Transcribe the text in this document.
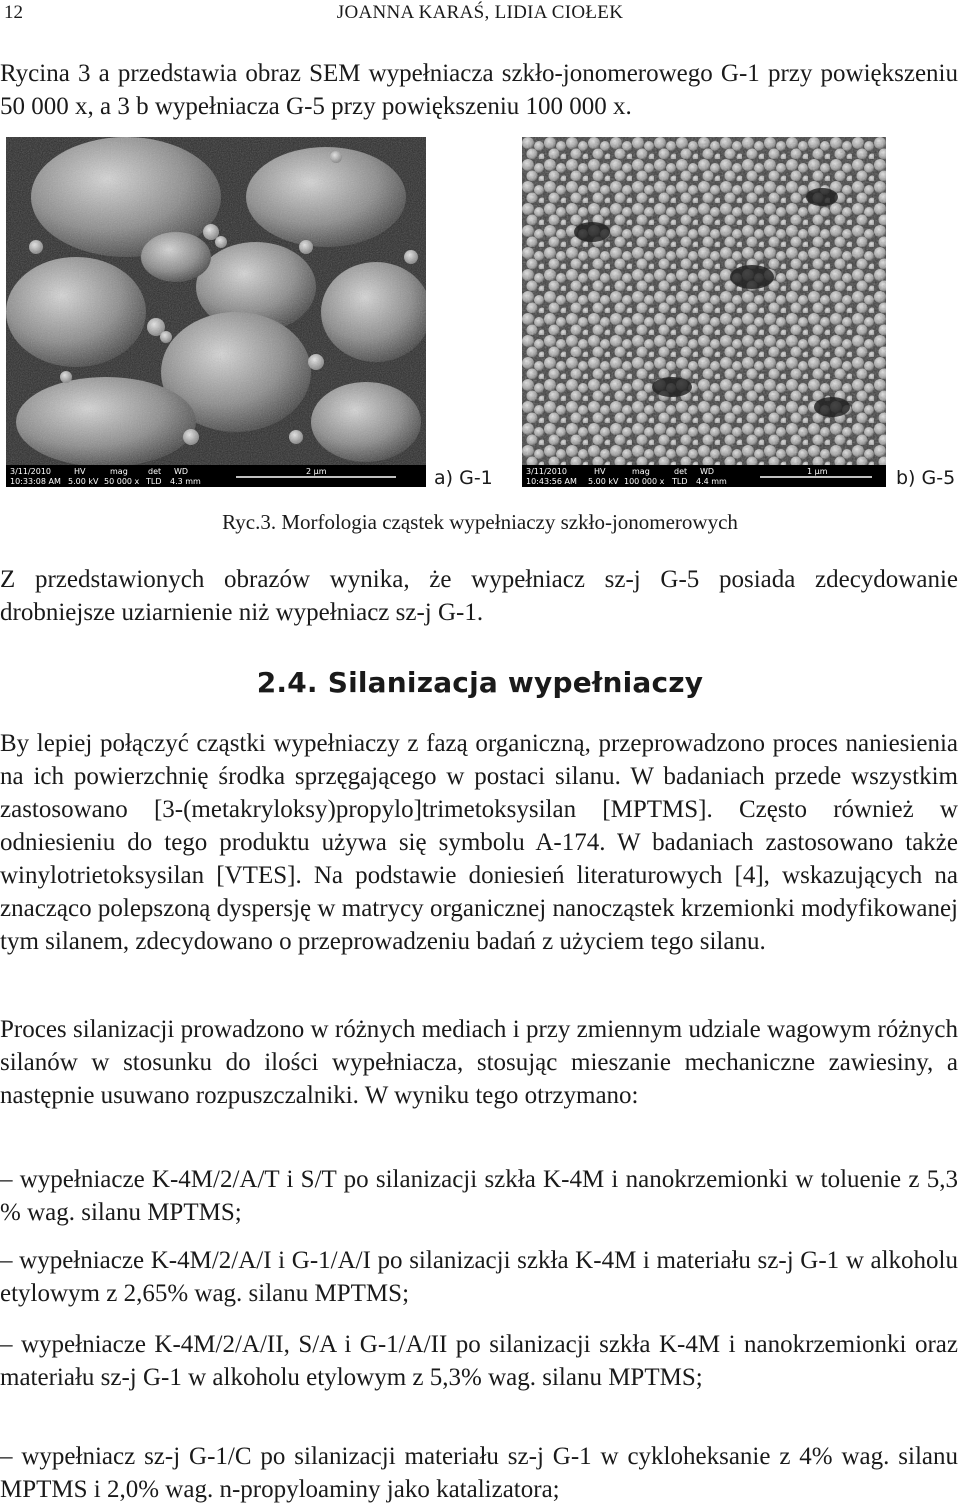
12	JOANNA KARAŚ, LIDIA CIOŁEK

Rycina 3 a przedstawia obraz SEM wypełniacza szkło-jonomerowego G-1 przy powiększeniu 50 000 x, a 3 b wypełniacza G-5 przy powiększeniu 100 000 x.

3/11/2010
10:33:08 AM
HV
5.00 kV
mag
50 000 x
det
TLD
WD
4.3 mm
2 µm	a) G-1	3/11/2010
10:43:56 AM
HV
5.00 kV
mag
100 000 x
det
TLD
WD
4.4 mm
1 µm	b) G-5
Ryc.3. Morfologia cząstek wypełniaczy szkło-jonomerowych

Z przedstawionych obrazów wynika, że wypełniacz sz-j G-5 posiada zdecydowanie drobniejsze uziarnienie niż wypełniacz sz-j G-1.

2.4. Silanizacja wypełniaczy

By lepiej połączyć cząstki wypełniaczy z fazą organiczną, przeprowadzono proces naniesienia na ich powierzchnię środka sprzęgającego w postaci silanu. W badaniach przede wszystkim zastosowano [3-(metakryloksy)propylo]trimetoksysilan [MPTMS]. Często również w odniesieniu do tego produktu używa się symbolu A-174. W badaniach zastosowano także winylotrietoksysilan [VTES]. Na podstawie doniesień literaturowych [4], wskazujących na znacząco polepszoną dyspersję w matrycy organicznej nanocząstek krzemionki modyfikowanej tym silanem, zdecydowano o przeprowadzeniu badań z użyciem tego silanu.

Proces silanizacji prowadzono w różnych mediach i przy zmiennym udziale wagowym różnych silanów w stosunku do ilości wypełniacza, stosując mieszanie mechaniczne zawiesiny, a następnie usuwano rozpuszczalniki. W wyniku tego otrzymano:

– wypełniacze K-4M/2/A/T i S/T po silanizacji szkła K-4M i nanokrzemionki w toluenie z 5,3 % wag. silanu MPTMS;

– wypełniacze K-4M/2/A/I i G-1/A/I po silanizacji szkła K-4M i materiału sz-j G-1 w alkoholu etylowym z 2,65% wag. silanu MPTMS;

– wypełniacze K-4M/2/A/II, S/A i G-1/A/II po silanizacji szkła K-4M i nanokrzemionki oraz materiału sz-j G-1 w alkoholu etylowym z 5,3% wag. silanu MPTMS;

– wypełniacz sz-j G-1/C po silanizacji materiału sz-j G-1 w cykloheksanie z 4% wag. silanu MPTMS i 2,0% wag. n-propyloaminy jako katalizatora;
